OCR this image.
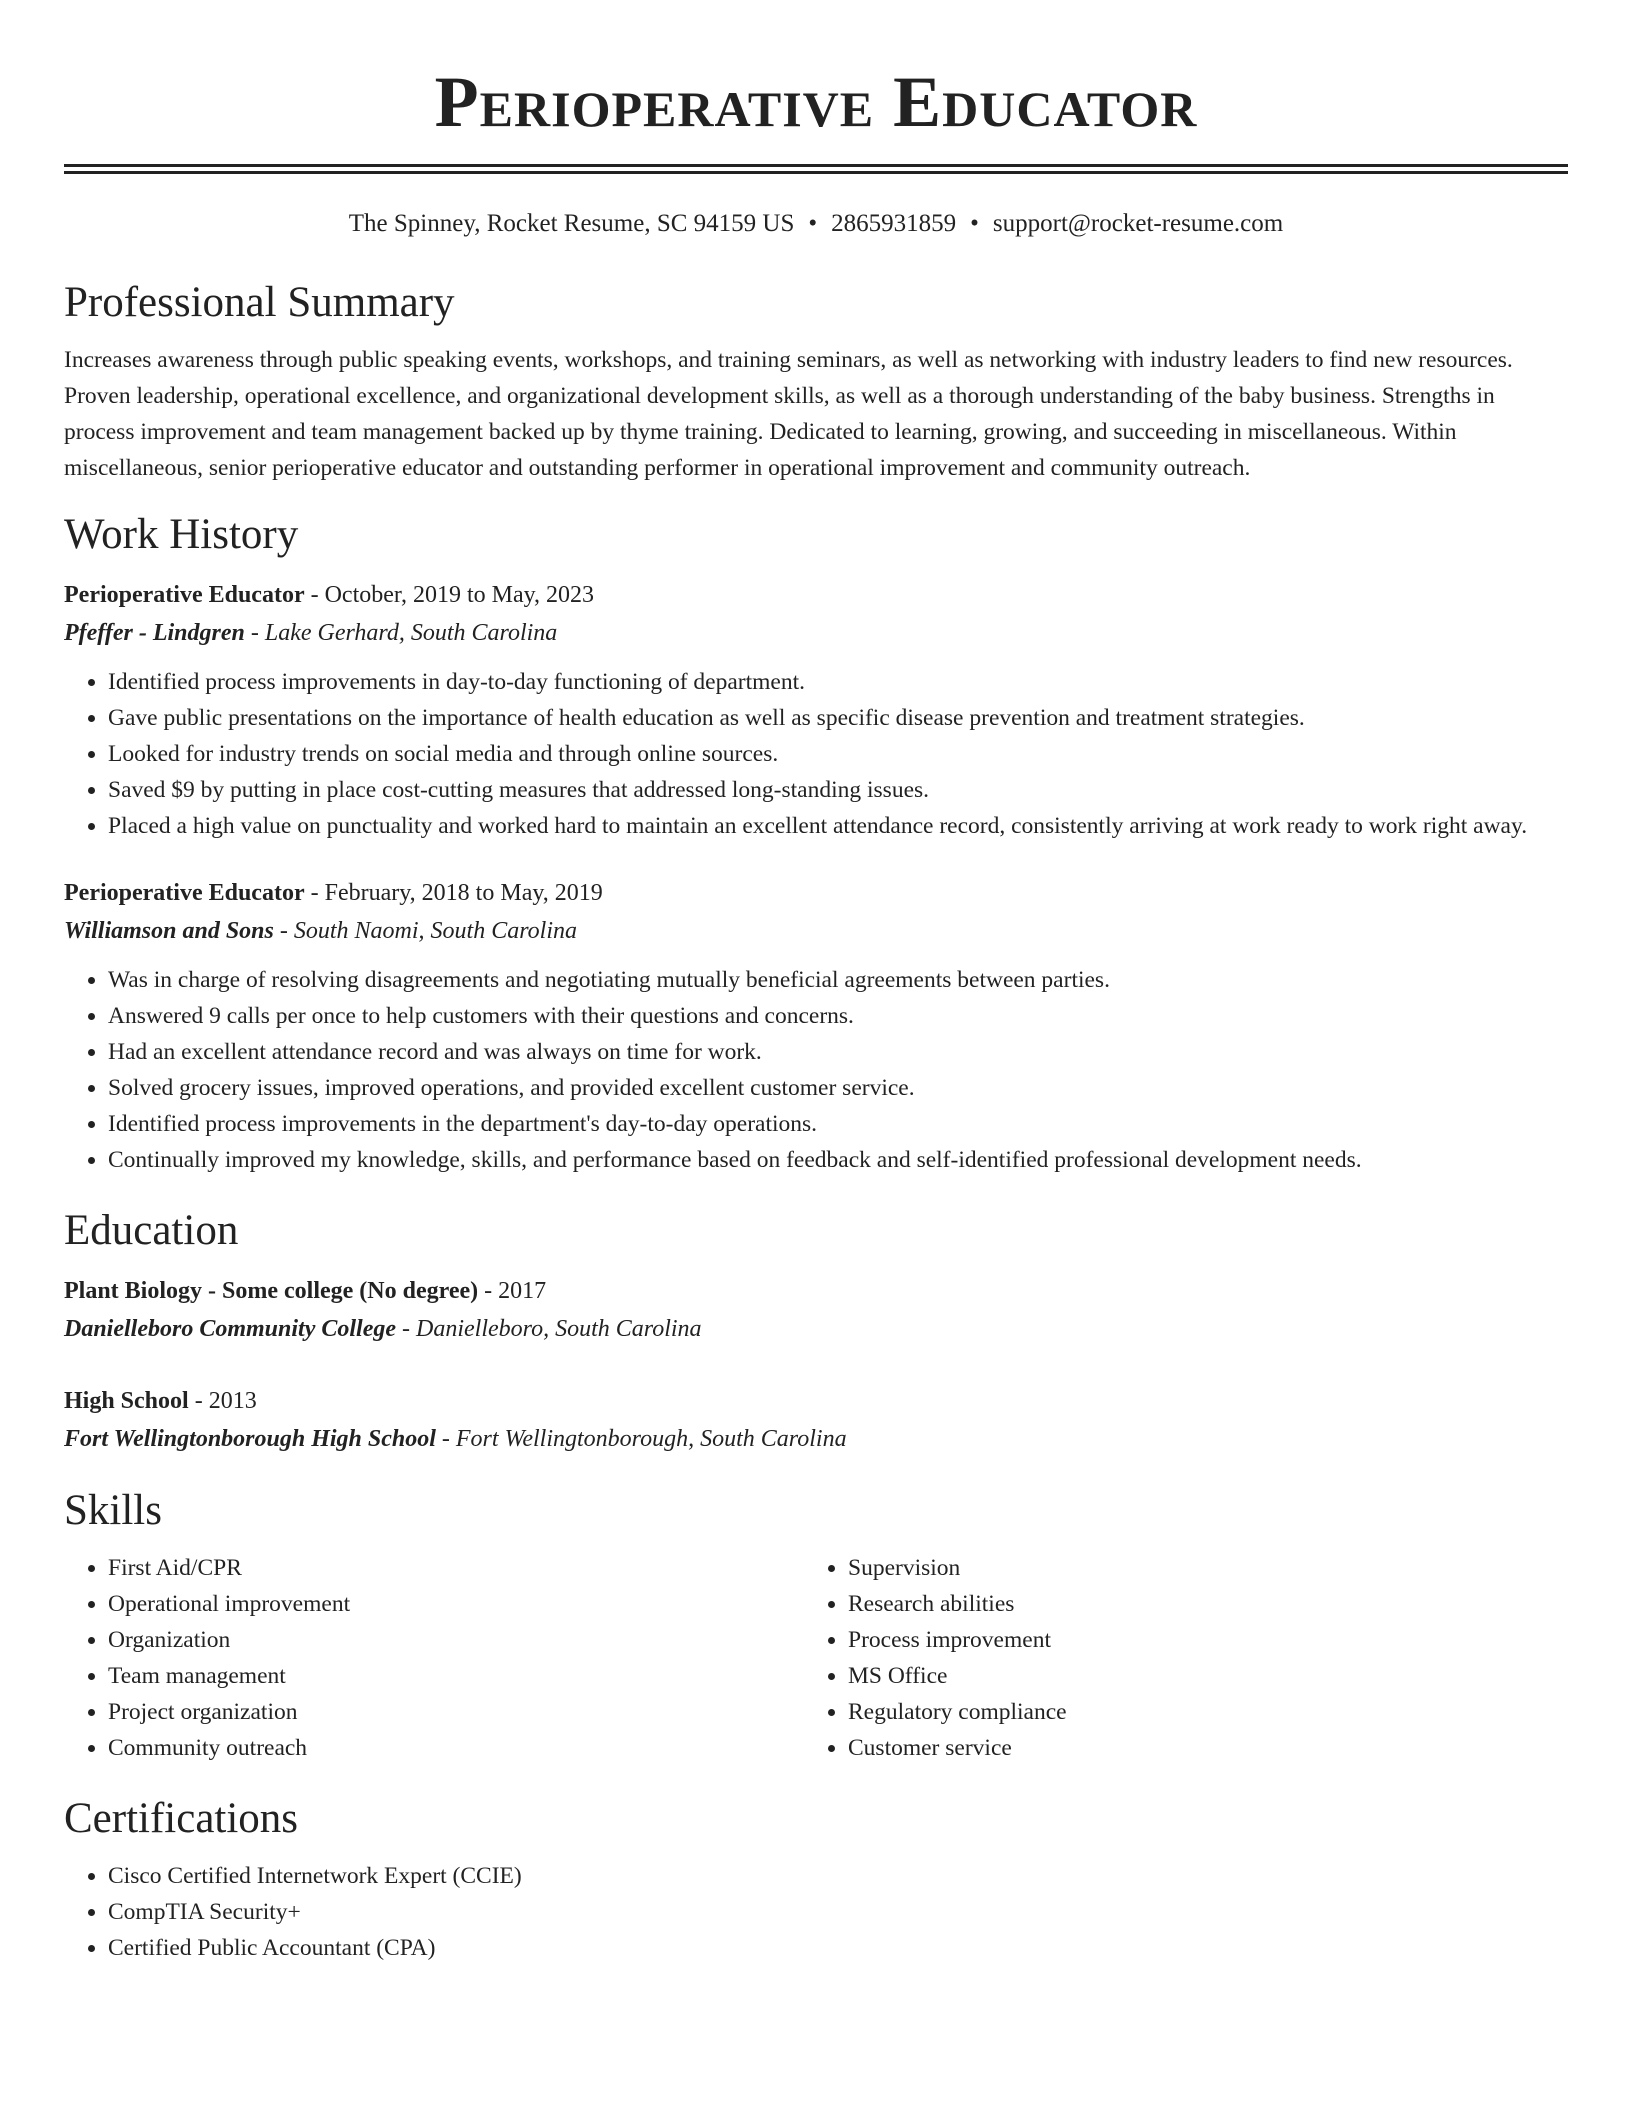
Perioperative Educator
The Spinney, Rocket Resume, SC 94159 US • 2865931859 • support@rocket-resume.com
Professional Summary

Increases awareness through public speaking events, workshops, and training seminars, as well as networking with industry leaders to find new resources. Proven leadership, operational excellence, and organizational development skills, as well as a thorough understanding of the baby business. Strengths in process improvement and team management backed up by thyme training. Dedicated to learning, growing, and succeeding in miscellaneous. Within miscellaneous, senior perioperative educator and outstanding performer in operational improvement and community outreach.

Work History
Perioperative Educator - October, 2019 to May, 2023
Pfeffer - Lindgren - Lake Gerhard, South Carolina
• Identified process improvements in day-to-day functioning of department.
• Gave public presentations on the importance of health education as well as specific disease prevention and treatment strategies.
• Looked for industry trends on social media and through online sources.
• Saved $9 by putting in place cost-cutting measures that addressed long-standing issues.
• Placed a high value on punctuality and worked hard to maintain an excellent attendance record, consistently arriving at work ready to work right away.
Perioperative Educator - February, 2018 to May, 2019
Williamson and Sons - South Naomi, South Carolina
• Was in charge of resolving disagreements and negotiating mutually beneficial agreements between parties.
• Answered 9 calls per once to help customers with their questions and concerns.
• Had an excellent attendance record and was always on time for work.
• Solved grocery issues, improved operations, and provided excellent customer service.
• Identified process improvements in the department's day-to-day operations.
• Continually improved my knowledge, skills, and performance based on feedback and self-identified professional development needs.
Education
Plant Biology - Some college (No degree) - 2017
Danielleboro Community College - Danielleboro, South Carolina
High School - 2013
Fort Wellingtonborough High School - Fort Wellingtonborough, South Carolina
Skills
• First Aid/CPR
• Operational improvement
• Organization
• Team management
• Project organization
• Community outreach
• Supervision
• Research abilities
• Process improvement
• MS Office
• Regulatory compliance
• Customer service
Certifications
• Cisco Certified Internetwork Expert (CCIE)
• CompTIA Security+
• Certified Public Accountant (CPA)
